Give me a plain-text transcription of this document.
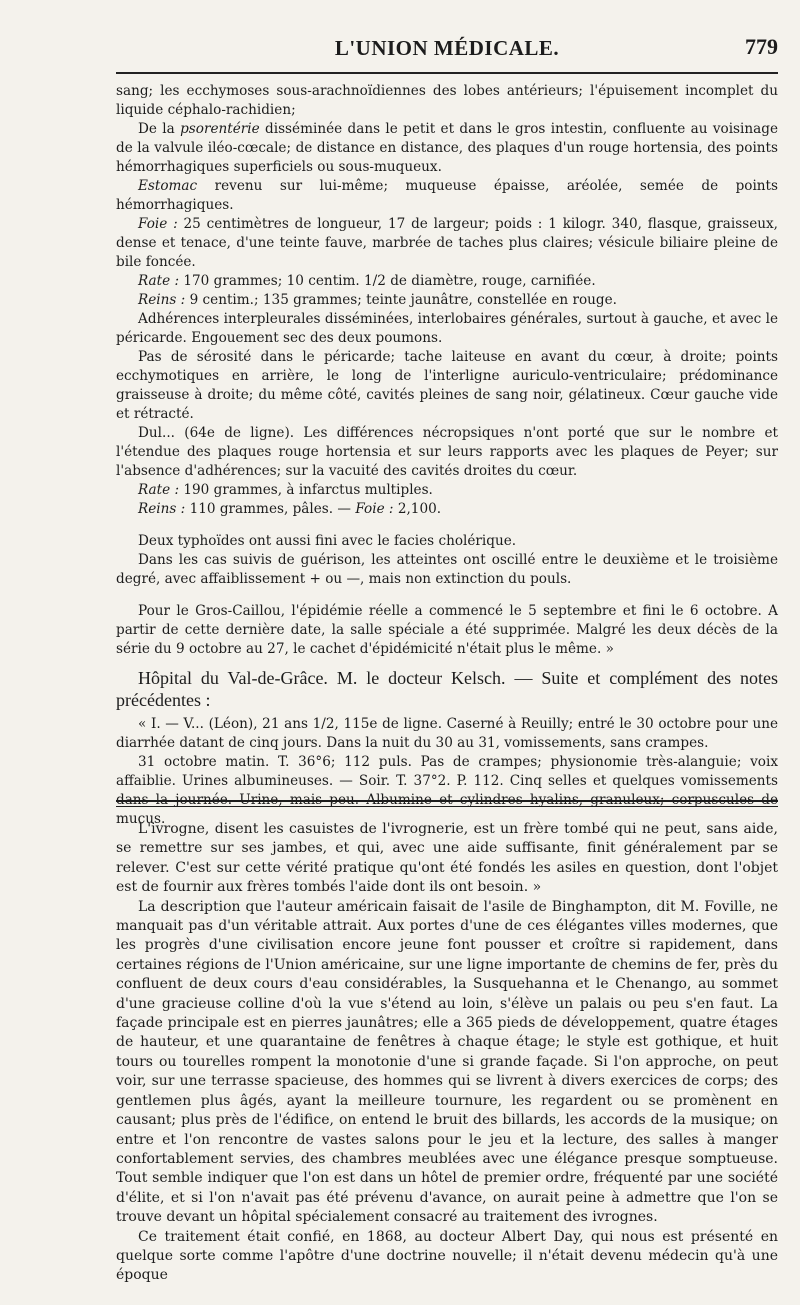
L'UNION MÉDICALE.	779

sang; les ecchymoses sous-arachnoïdiennes des lobes antérieurs; l'épuisement incomplet du liquide céphalo-rachidien;

De la psorentérie disséminée dans le petit et dans le gros intestin, confluente au voisinage de la valvule iléo-cœcale; de distance en distance, des plaques d'un rouge hortensia, des points hémorrhagiques superficiels ou sous-muqueux.

Estomac revenu sur lui-même; muqueuse épaisse, aréolée, semée de points hémorrhagiques.

Foie : 25 centimètres de longueur, 17 de largeur; poids : 1 kilogr. 340, flasque, graisseux, dense et tenace, d'une teinte fauve, marbrée de taches plus claires; vésicule biliaire pleine de bile foncée.

Rate : 170 grammes; 10 centim. 1/2 de diamètre, rouge, carnifiée.

Reins : 9 centim.; 135 grammes; teinte jaunâtre, constellée en rouge.

Adhérences interpleurales disséminées, interlobaires générales, surtout à gauche, et avec le péricarde. Engouement sec des deux poumons.

Pas de sérosité dans le péricarde; tache laiteuse en avant du cœur, à droite; points ecchymotiques en arrière, le long de l'interligne auriculo-ventriculaire; prédominance graisseuse à droite; du même côté, cavités pleines de sang noir, gélatineux. Cœur gauche vide et rétracté.

Dul... (64e de ligne). Les différences nécropsiques n'ont porté que sur le nombre et l'étendue des plaques rouge hortensia et sur leurs rapports avec les plaques de Peyer; sur l'absence d'adhérences; sur la vacuité des cavités droites du cœur.

Rate : 190 grammes, à infarctus multiples.

Reins : 110 grammes, pâles. — Foie : 2,100.

Deux typhoïdes ont aussi fini avec le facies cholérique.

Dans les cas suivis de guérison, les atteintes ont oscillé entre le deuxième et le troisième degré, avec affaiblissement + ou —, mais non extinction du pouls.

Pour le Gros-Caillou, l'épidémie réelle a commencé le 5 septembre et fini le 6 octobre. A partir de cette dernière date, la salle spéciale a été supprimée. Malgré les deux décès de la série du 9 octobre au 27, le cachet d'épidémicité n'était plus le même. »

Hôpital du Val-de-Grâce. M. le docteur Kelsch. — Suite et complément des notes précédentes :

« I. — V... (Léon), 21 ans 1/2, 115e de ligne. Caserné à Reuilly; entré le 30 octobre pour une diarrhée datant de cinq jours. Dans la nuit du 30 au 31, vomissements, sans crampes.

31 octobre matin. T. 36°6; 112 puls. Pas de crampes; physionomie très-alanguie; voix affaiblie. Urines albumineuses. — Soir. T. 37°2. P. 112. Cinq selles et quelques vomissements dans la journée. Urine, mais peu. Albumine et cylindres hyalins, granuleux; corpuscules de mucus.

L'ivrogne, disent les casuistes de l'ivrognerie, est un frère tombé qui ne peut, sans aide, se remettre sur ses jambes, et qui, avec une aide suffisante, finit généralement par se relever. C'est sur cette vérité pratique qu'ont été fondés les asiles en question, dont l'objet est de fournir aux frères tombés l'aide dont ils ont besoin. »

La description que l'auteur américain faisait de l'asile de Binghampton, dit M. Foville, ne manquait pas d'un véritable attrait. Aux portes d'une de ces élégantes villes modernes, que les progrès d'une civilisation encore jeune font pousser et croître si rapidement, dans certaines régions de l'Union américaine, sur une ligne importante de chemins de fer, près du confluent de deux cours d'eau considérables, la Susquehanna et le Chenango, au sommet d'une gracieuse colline d'où la vue s'étend au loin, s'élève un palais ou peu s'en faut. La façade principale est en pierres jaunâtres; elle a 365 pieds de développement, quatre étages de hauteur, et une quarantaine de fenêtres à chaque étage; le style est gothique, et huit tours ou tourelles rompent la monotonie d'une si grande façade. Si l'on approche, on peut voir, sur une terrasse spacieuse, des hommes qui se livrent à divers exercices de corps; des gentlemen plus âgés, ayant la meilleure tournure, les regardent ou se promènent en causant; plus près de l'édifice, on entend le bruit des billards, les accords de la musique; on entre et l'on rencontre de vastes salons pour le jeu et la lecture, des salles à manger confortablement servies, des chambres meublées avec une élégance presque somptueuse. Tout semble indiquer que l'on est dans un hôtel de premier ordre, fréquenté par une société d'élite, et si l'on n'avait pas été prévenu d'avance, on aurait peine à admettre que l'on se trouve devant un hôpital spécialement consacré au traitement des ivrognes.

Ce traitement était confié, en 1868, au docteur Albert Day, qui nous est présenté en quelque sorte comme l'apôtre d'une doctrine nouvelle; il n'était devenu médecin qu'à une époque
